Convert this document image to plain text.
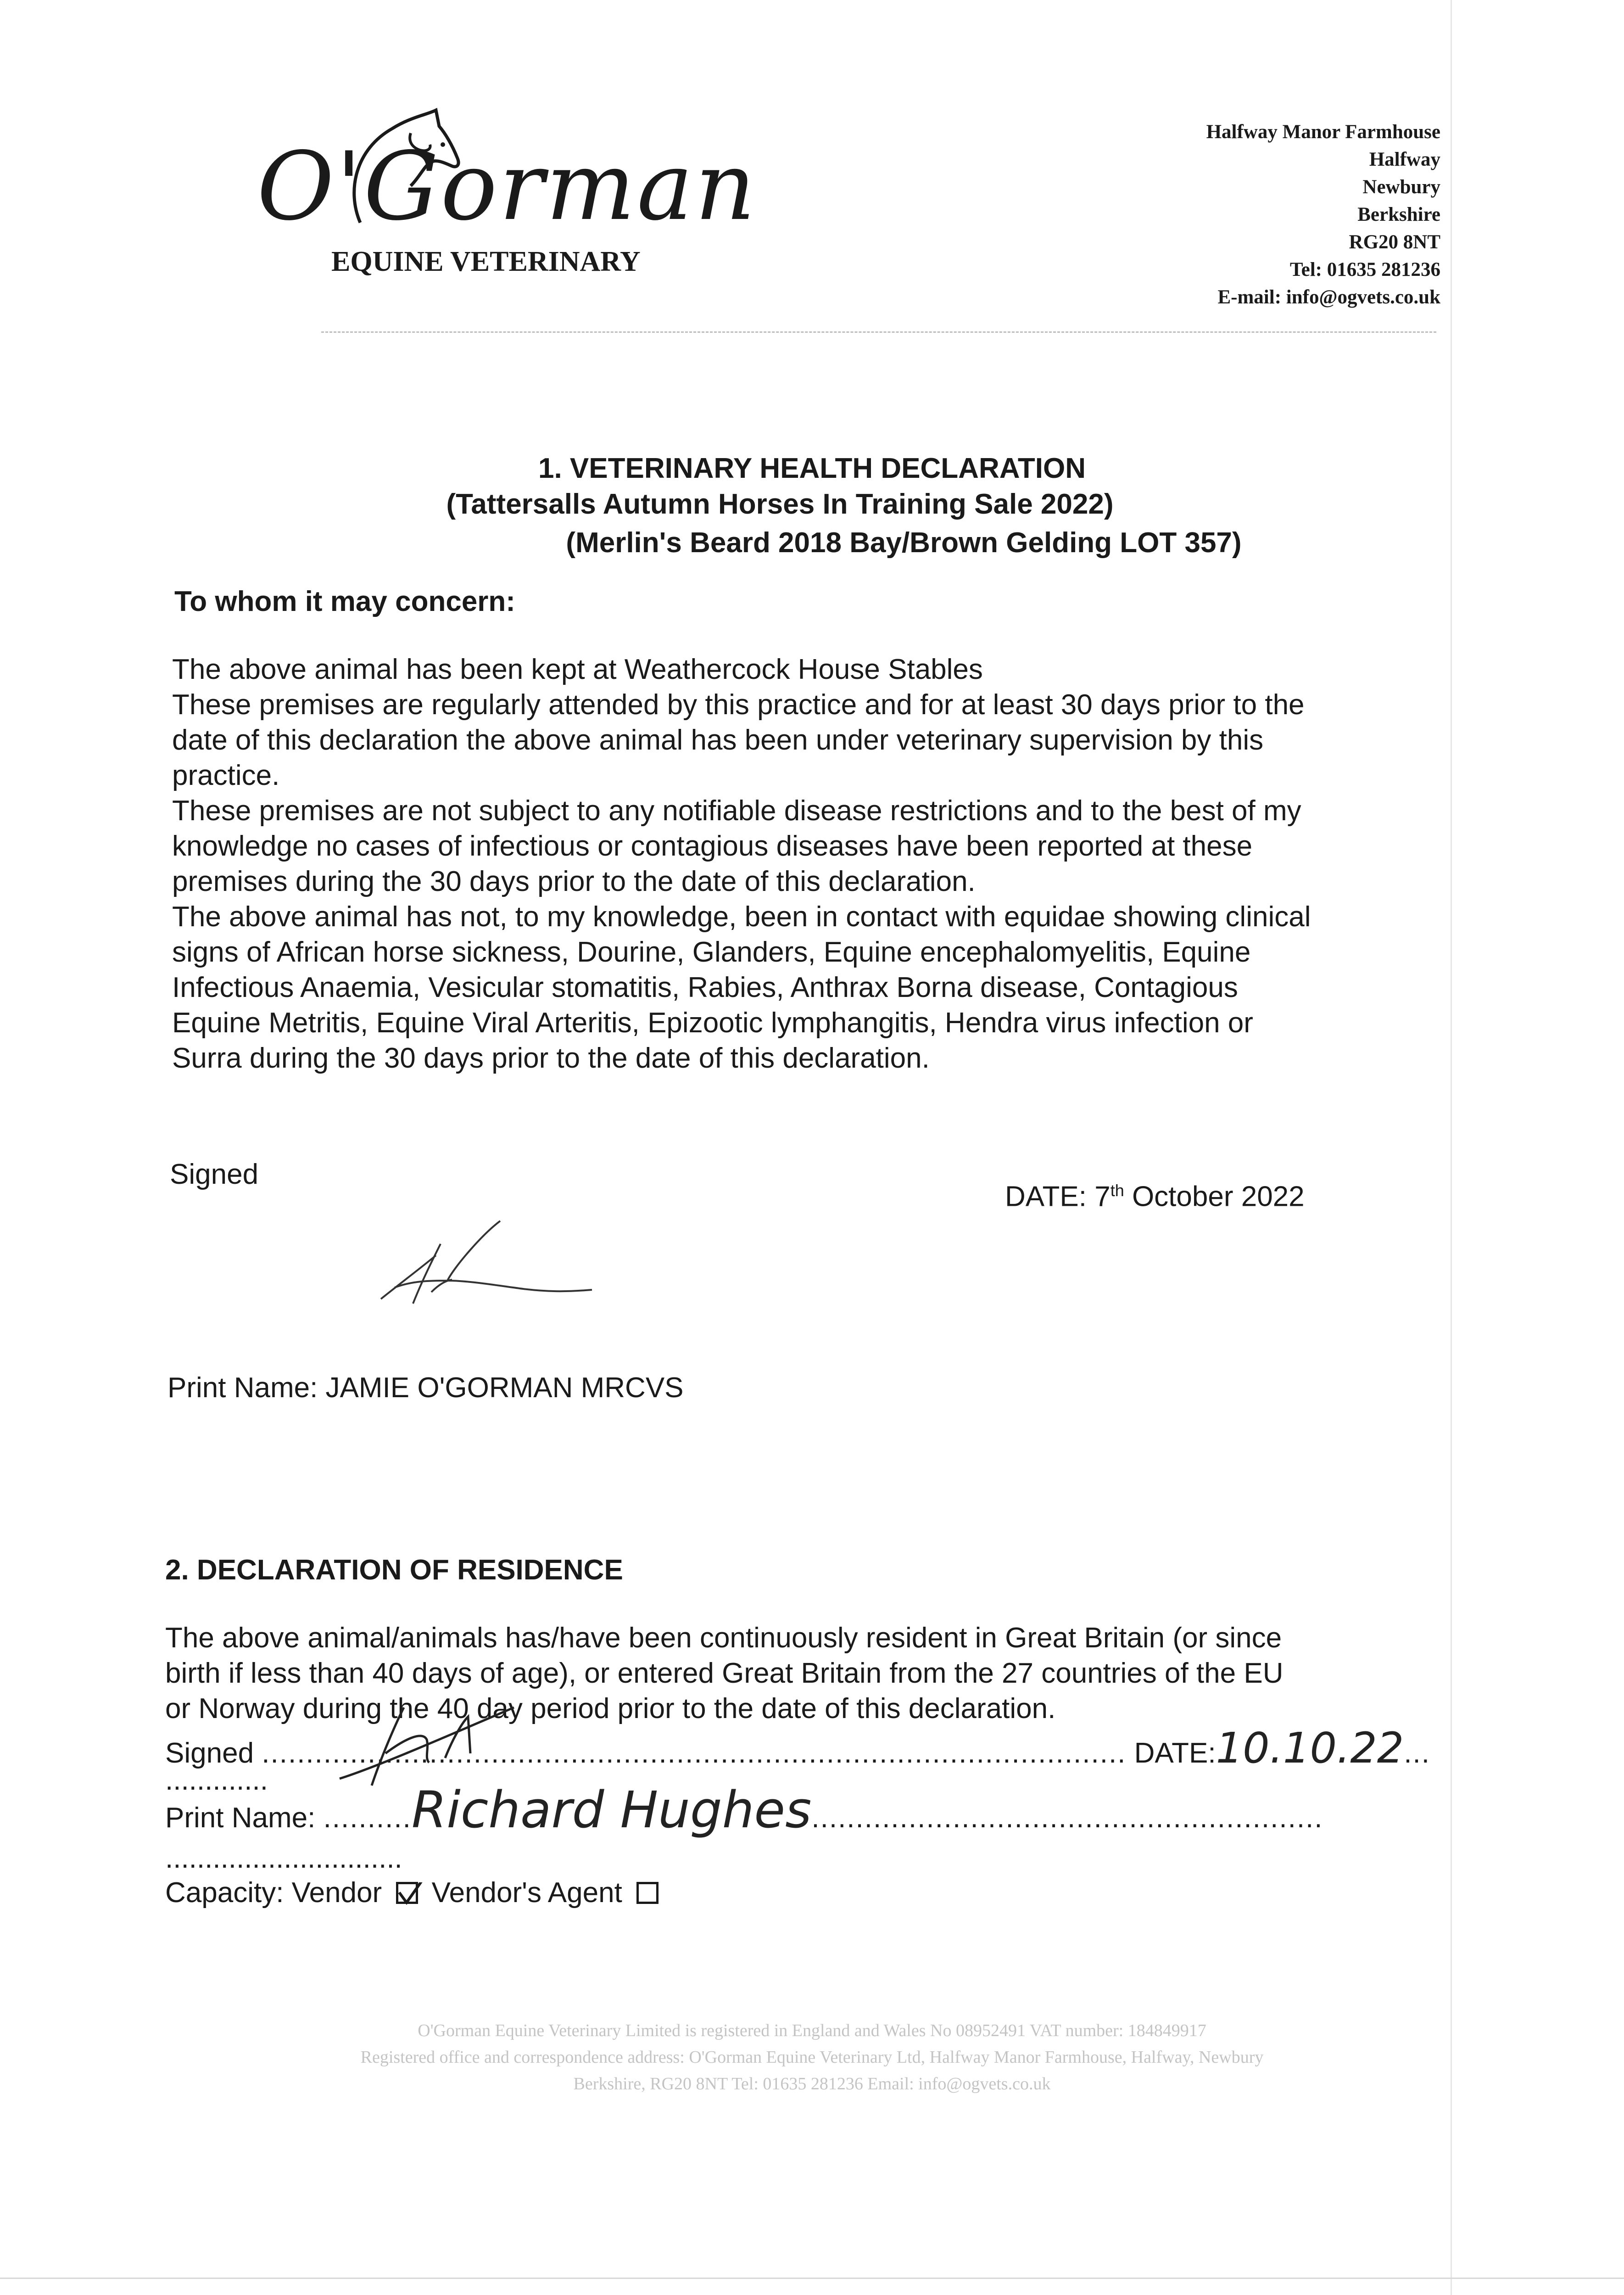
O'Gorman
EQUINE VETERINARY
Halfway Manor Farmhouse
Halfway
Newbury
Berkshire
RG20 8NT
Tel: 01635 281236
E-mail: info@ogvets.co.uk
1. VETERINARY HEALTH DECLARATION
(Tattersalls Autumn Horses In Training Sale 2022)
(Merlin's Beard 2018 Bay/Brown Gelding LOT 357)
To whom it may concern:
The above animal has been kept at Weathercock House Stables
These premises are regularly attended by this practice and for at least 30 days prior to the
date of this declaration the above animal has been under veterinary supervision by this
practice.
These premises are not subject to any notifiable disease restrictions and to the best of my
knowledge no cases of infectious or contagious diseases have been reported at these
premises during the 30 days prior to the date of this declaration.
The above animal has not, to my knowledge, been in contact with equidae showing clinical
signs of African horse sickness, Dourine, Glanders, Equine encephalomyelitis, Equine
Infectious Anaemia, Vesicular stomatitis, Rabies, Anthrax Borna disease, Contagious
Equine Metritis, Equine Viral Arteritis, Epizootic lymphangitis, Hendra virus infection or
Surra during the 30 days prior to the date of this declaration.
Signed
DATE: 7th October 2022
Print Name: JAMIE O'GORMAN MRCVS
2. DECLARATION OF RESIDENCE
The above animal/animals has/have been continuously resident in Great Britain (or since
birth if less than 40 days of age), or entered Great Britain from the 27 countries of the EU
or Norway during the 40 day period prior to the date of this declaration.
Signed .................................................................................................. DATE:10.10.22...
.............
Print Name: ..........Richard Hughes..........................................................
..............................
Capacity: Vendor Vendor's Agent
O'Gorman Equine Veterinary Limited is registered in England and Wales No 08952491 VAT number: 184849917
Registered office and correspondence address: O'Gorman Equine Veterinary Ltd, Halfway Manor Farmhouse, Halfway, Newbury
Berkshire, RG20 8NT Tel: 01635 281236 Email: info@ogvets.co.uk
